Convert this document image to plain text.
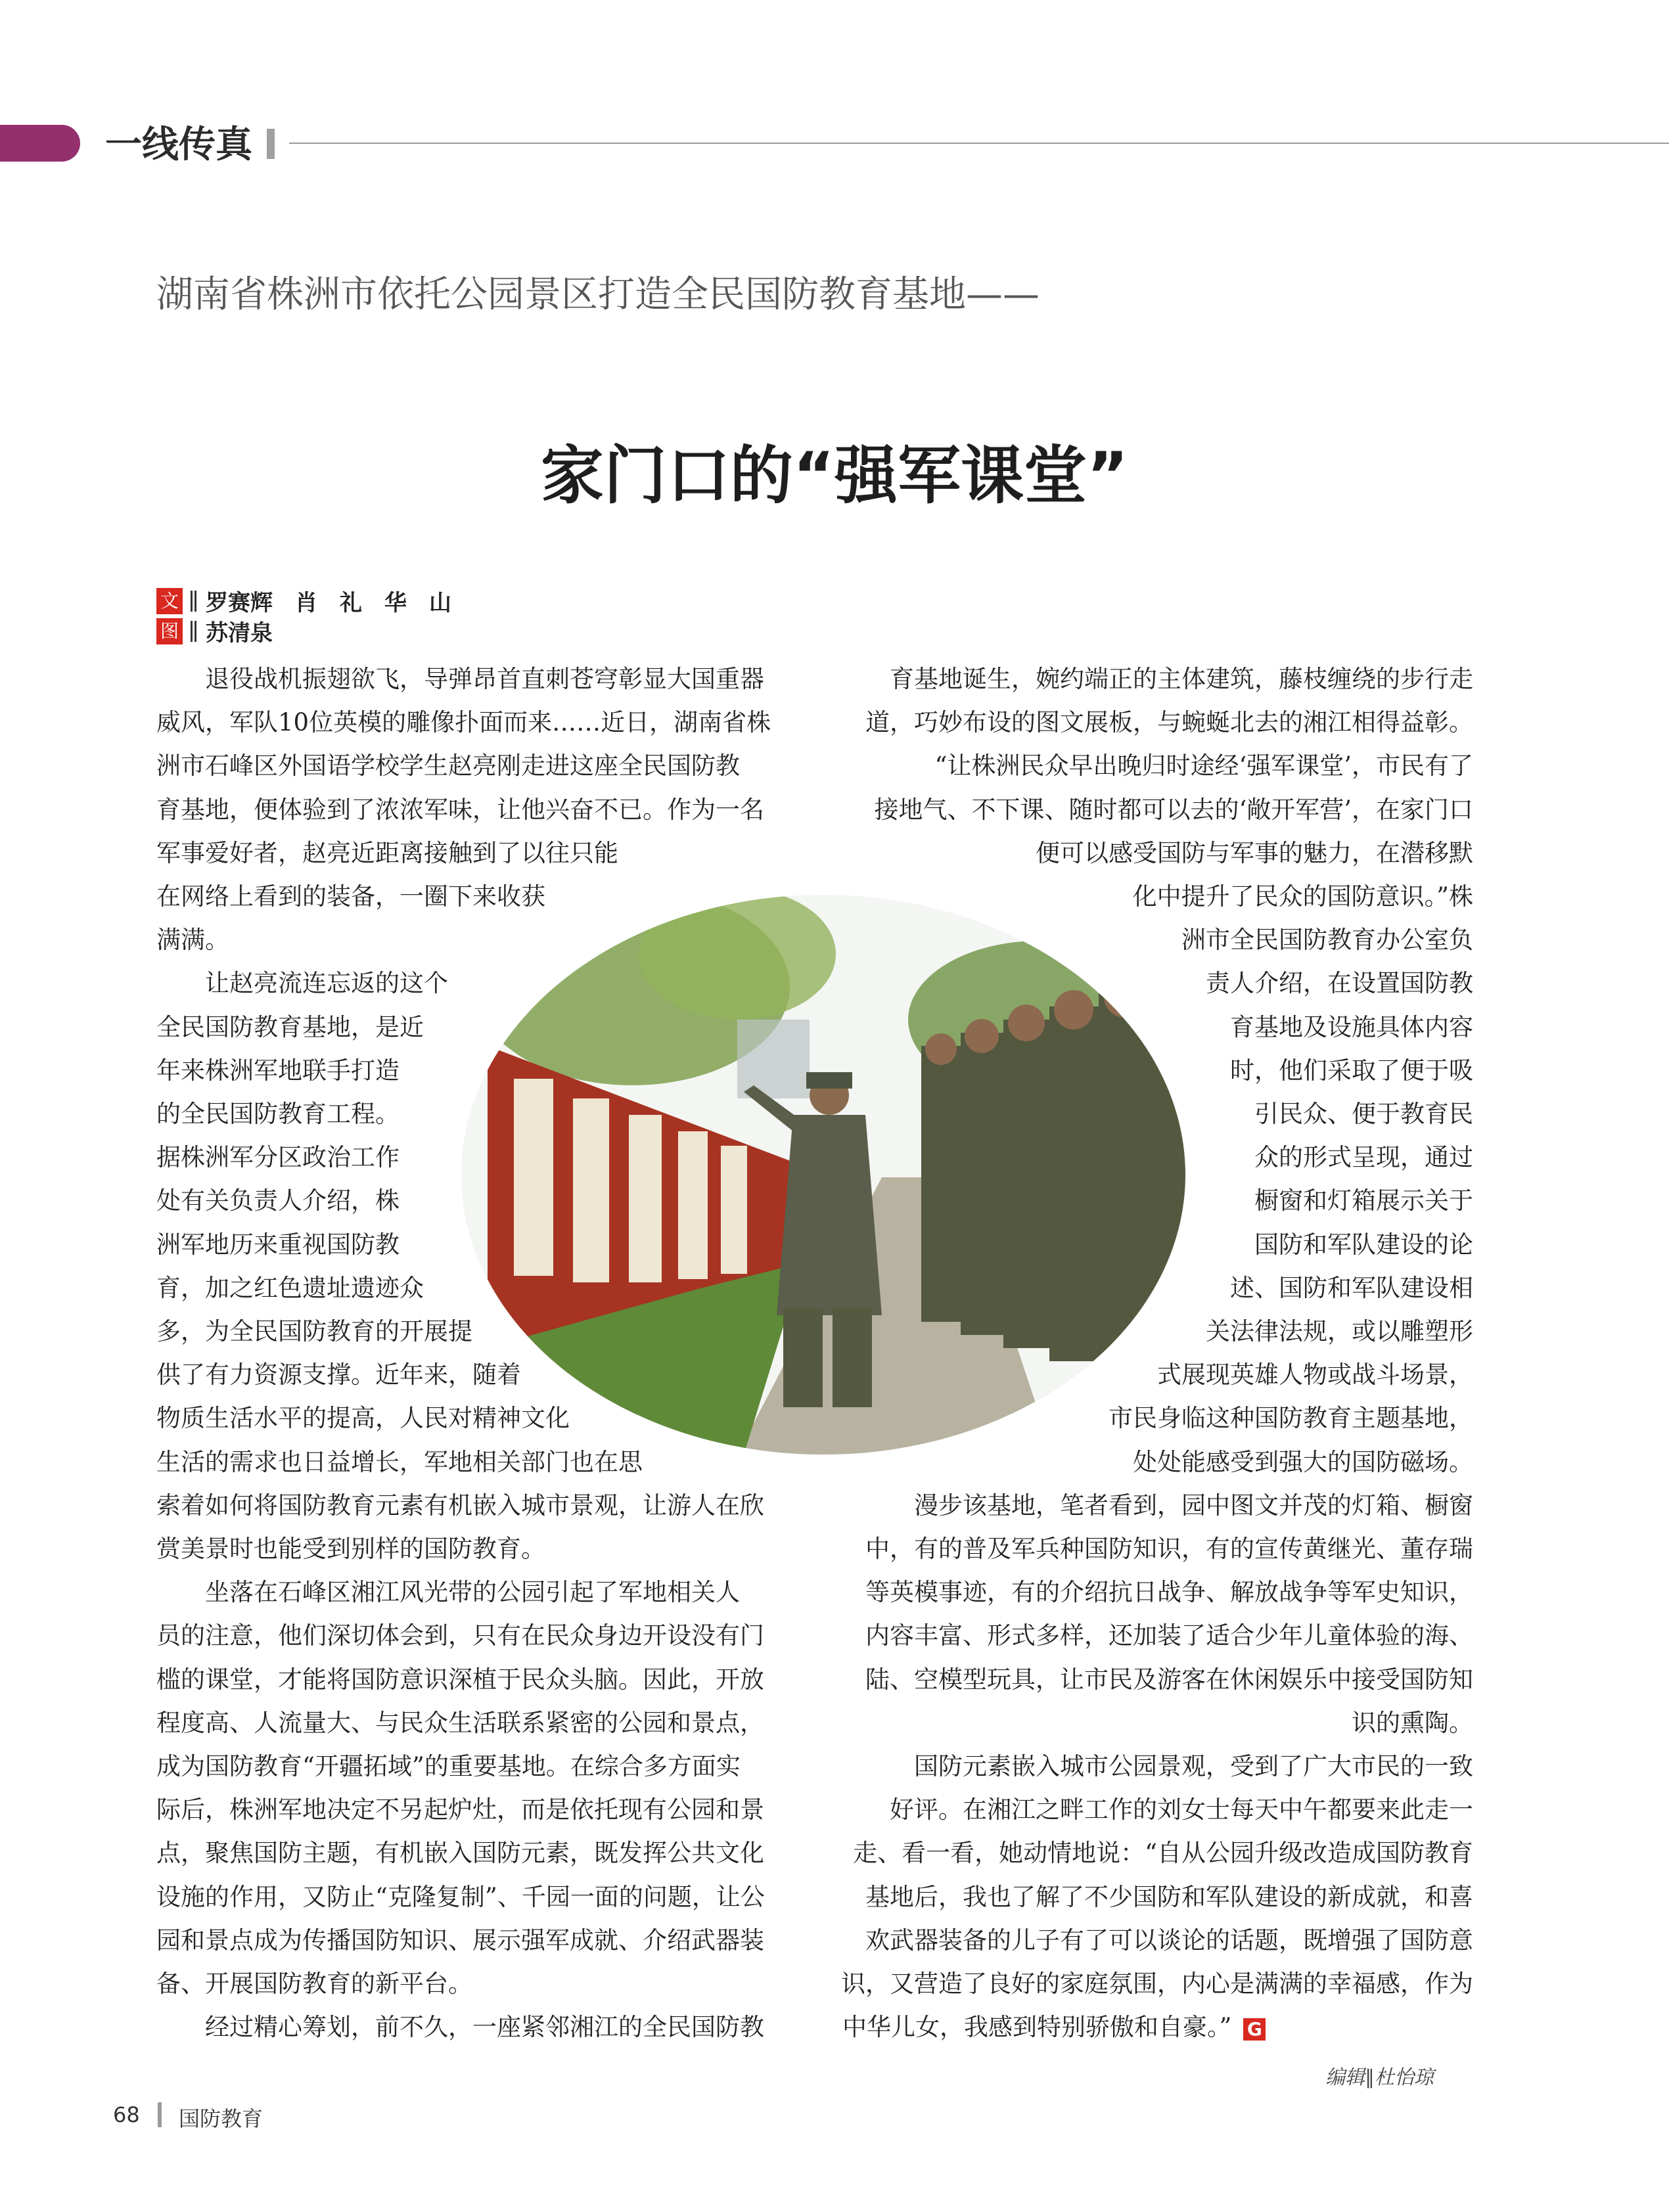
一线传真
湖南省株洲市依托公园景区打造全民国防教育基地——
家门口的“强军课堂”
文 罗赛辉　肖　礼　华　山
图 苏清泉
　　退役战机振翅欲飞，导弹昂首直刺苍穹彰显大国重器
威风，军队10位英模的雕像扑面而来……近日，湖南省株
洲市石峰区外国语学校学生赵亮刚走进这座全民国防教
育基地，便体验到了浓浓军味，让他兴奋不已。作为一名
军事爱好者，赵亮近距离接触到了以往只能
在网络上看到的装备，一圈下来收获
满满。
　　让赵亮流连忘返的这个
全民国防教育基地，是近
年来株洲军地联手打造
的全民国防教育工程。
据株洲军分区政治工作
处有关负责人介绍，株
洲军地历来重视国防教
育，加之红色遗址遗迹众
多，为全民国防教育的开展提
供了有力资源支撑。近年来，随着
物质生活水平的提高，人民对精神文化
生活的需求也日益增长，军地相关部门也在思
索着如何将国防教育元素有机嵌入城市景观，让游人在欣
赏美景时也能受到别样的国防教育。
　　坐落在石峰区湘江风光带的公园引起了军地相关人
员的注意，他们深切体会到，只有在民众身边开设没有门
槛的课堂，才能将国防意识深植于民众头脑。因此，开放
程度高、人流量大、与民众生活联系紧密的公园和景点，
成为国防教育“开疆拓域”的重要基地。在综合多方面实
际后，株洲军地决定不另起炉灶，而是依托现有公园和景
点，聚焦国防主题，有机嵌入国防元素，既发挥公共文化
设施的作用，又防止“克隆复制”、千园一面的问题，让公
园和景点成为传播国防知识、展示强军成就、介绍武器装
备、开展国防教育的新平台。
　　经过精心筹划，前不久，一座紧邻湘江的全民国防教
育基地诞生，婉约端正的主体建筑，藤枝缠绕的步行走
道，巧妙布设的图文展板，与蜿蜒北去的湘江相得益彰。
　　“让株洲民众早出晚归时途经‘强军课堂’，市民有了
接地气、不下课、随时都可以去的‘敞开军营’，在家门口
便可以感受国防与军事的魅力，在潜移默
化中提升了民众的国防意识。”株
洲市全民国防教育办公室负
责人介绍，在设置国防教
育基地及设施具体内容
时，他们采取了便于吸
引民众、便于教育民
众的形式呈现，通过
橱窗和灯箱展示关于
国防和军队建设的论
述、国防和军队建设相
关法律法规，或以雕塑形
式展现英雄人物或战斗场景，
市民身临这种国防教育主题基地，
处处能感受到强大的国防磁场。
　　漫步该基地，笔者看到，园中图文并茂的灯箱、橱窗
中，有的普及军兵种国防知识，有的宣传黄继光、董存瑞
等英模事迹，有的介绍抗日战争、解放战争等军史知识，
内容丰富、形式多样，还加装了适合少年儿童体验的海、
陆、空模型玩具，让市民及游客在休闲娱乐中接受国防知
识的熏陶。
　　国防元素嵌入城市公园景观，受到了广大市民的一致
好评。在湘江之畔工作的刘女士每天中午都要来此走一
走、看一看，她动情地说：“自从公园升级改造成国防教育
基地后，我也了解了不少国防和军队建设的新成就，和喜
欢武器装备的儿子有了可以谈论的话题，既增强了国防意
识，又营造了良好的家庭氛围，内心是满满的幸福感，作为
中华儿女，我感到特别骄傲和自豪。” G
编辑∥杜怡琼
68 国防教育
